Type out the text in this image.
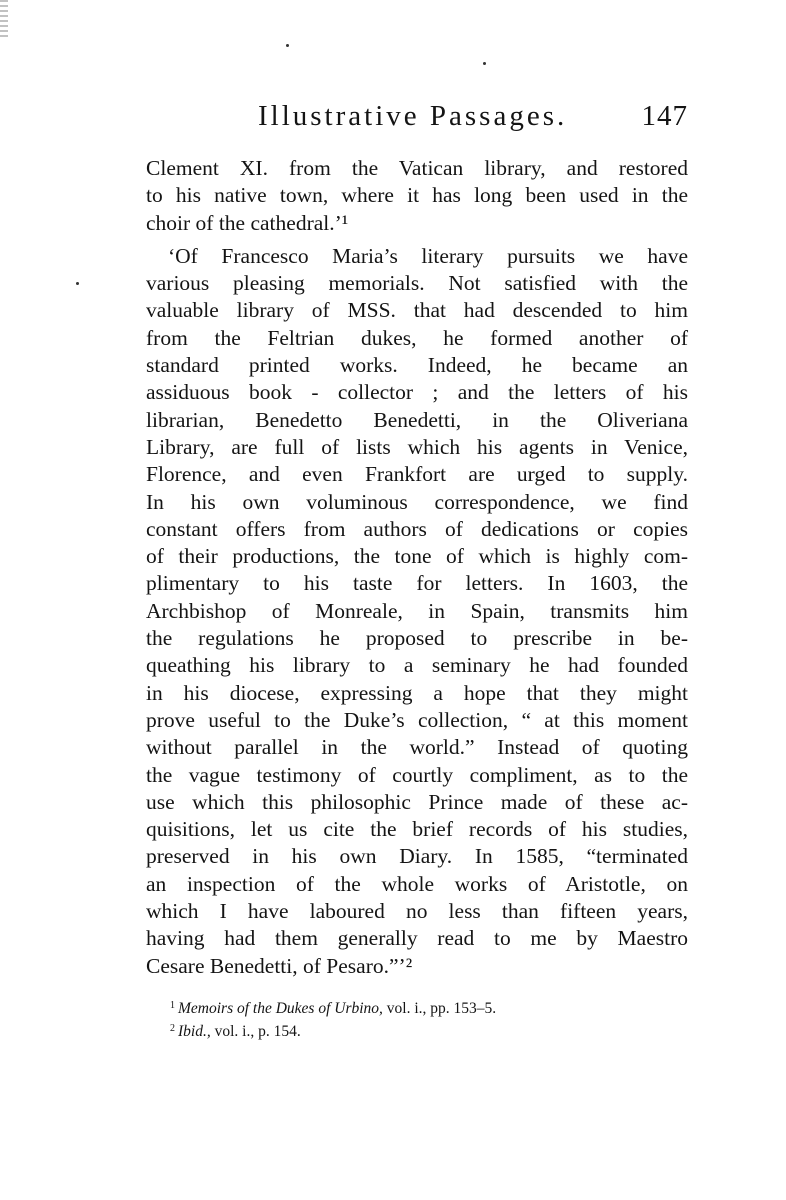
Illustrative Passages.	147
Clement XI. from the Vatican library, and restored
to his native town, where it has long been used in the
choir of the cathedral.’¹
‘Of Francesco Maria’s literary pursuits we have
various pleasing memorials. Not satisfied with the
valuable library of MSS. that had descended to him
from the Feltrian dukes, he formed another of
standard printed works. Indeed, he became an
assiduous book - collector ; and the letters of his
librarian, Benedetto Benedetti, in the Oliveriana
Library, are full of lists which his agents in Venice,
Florence, and even Frankfort are urged to supply.
In his own voluminous correspondence, we find
constant offers from authors of dedications or copies
of their productions, the tone of which is highly com-
plimentary to his taste for letters. In 1603, the
Archbishop of Monreale, in Spain, transmits him
the regulations he proposed to prescribe in be-
queathing his library to a seminary he had founded
in his diocese, expressing a hope that they might
prove useful to the Duke’s collection, “ at this moment
without parallel in the world.” Instead of quoting
the vague testimony of courtly compliment, as to the
use which this philosophic Prince made of these ac-
quisitions, let us cite the brief records of his studies,
preserved in his own Diary. In 1585, “terminated
an inspection of the whole works of Aristotle, on
which I have laboured no less than fifteen years,
having had them generally read to me by Maestro
Cesare Benedetti, of Pesaro.”’²
$^1$ Memoirs of the Dukes of Urbino, vol. i., pp. 153–5.
$^2$ Ibid., vol. i., p. 154.
